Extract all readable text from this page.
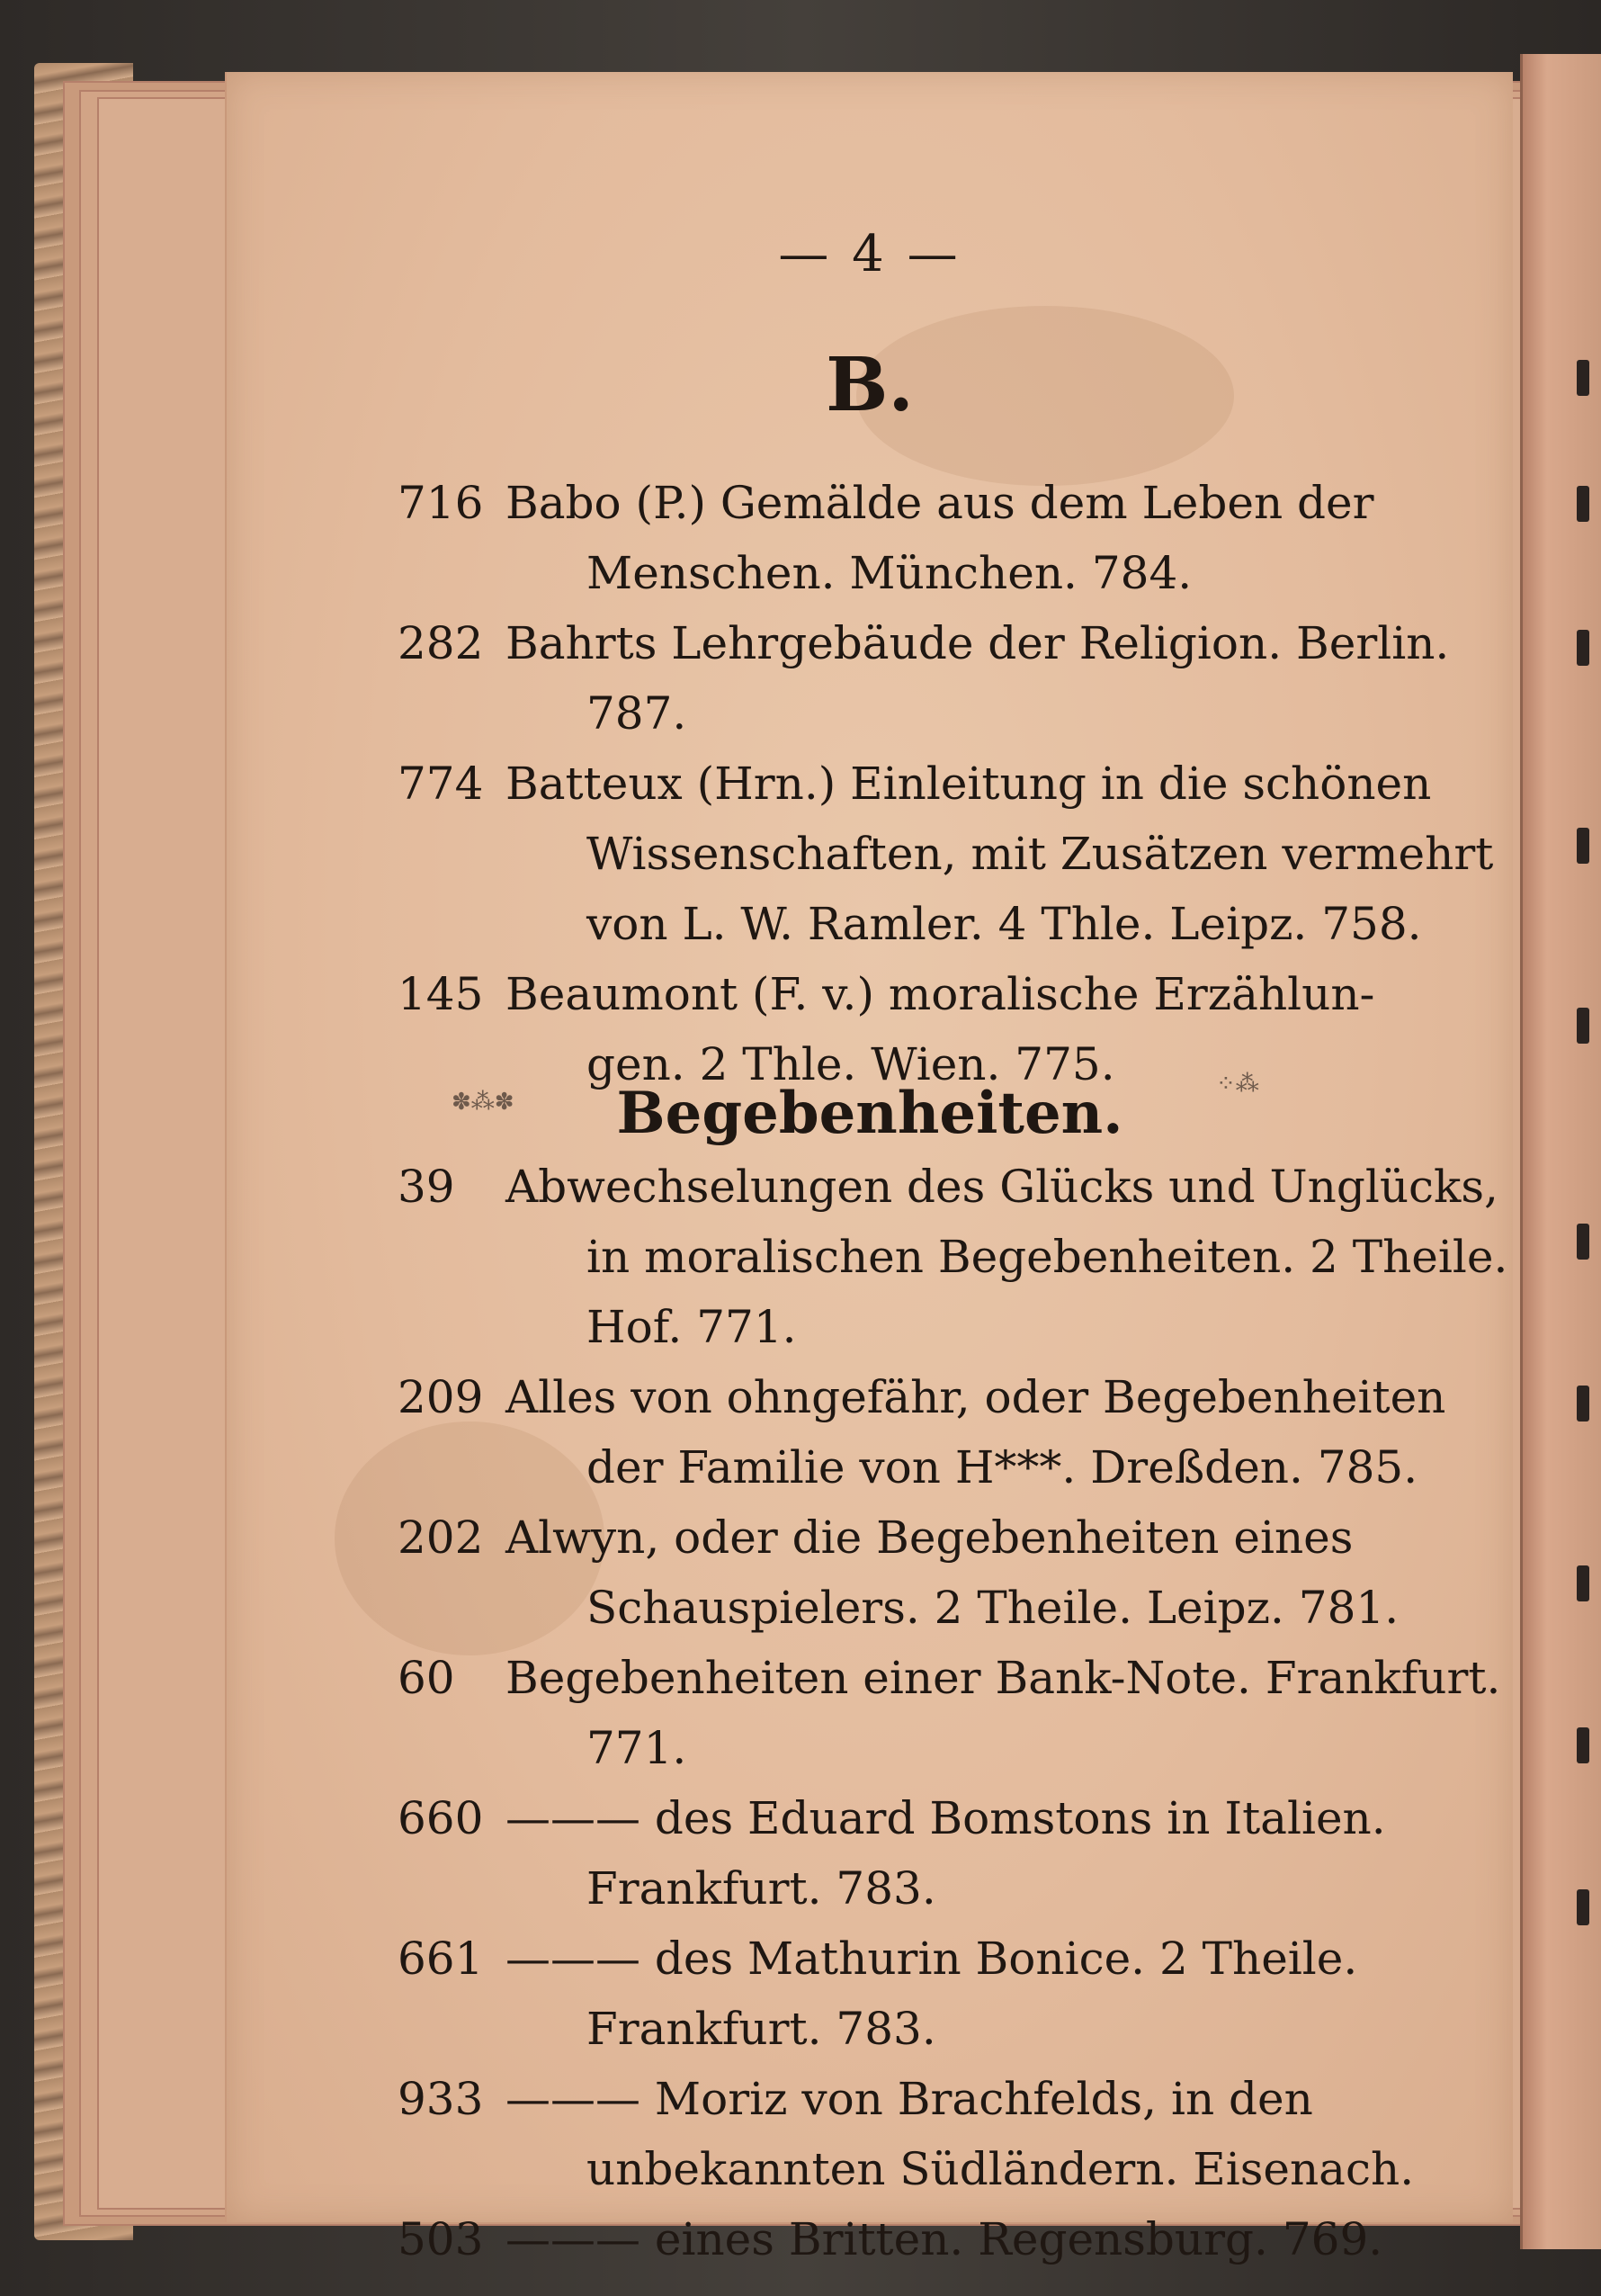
— 4 —
B.
716 Babo (P.) Gemälde aus dem Leben der
Menschen. München. 784.
282 Bahrts Lehrgebäude der Religion. Berlin.
787.
774 Batteux (Hrn.) Einleitung in die schönen
Wissenschaften, mit Zusätzen vermehrt
von L. W. Ramler. 4 Thle. Leipz. 758.
145 Beaumont (F. v.) moralische Erzählun-
gen. 2 Thle. Wien. 775.
✽⁂✽
⁘⁂
Begebenheiten.
39 Abwechselungen des Glücks und Unglücks,
in moralischen Begebenheiten. 2 Theile.
Hof. 771.
209 Alles von ohngefähr, oder Begebenheiten
der Familie von H***. Dreßden. 785.
202 Alwyn, oder die Begebenheiten eines
Schauspielers. 2 Theile. Leipz. 781.
60 Begebenheiten einer Bank-Note. Frankfurt.
771.
660 ——— des Eduard Bomstons in Italien.
Frankfurt. 783.
661 ——— des Mathurin Bonice. 2 Theile.
Frankfurt. 783.
933 ——— Moriz von Brachfelds, in den
unbekannten Südländern. Eisenach.
503 ——— eines Britten. Regensburg. 769.
